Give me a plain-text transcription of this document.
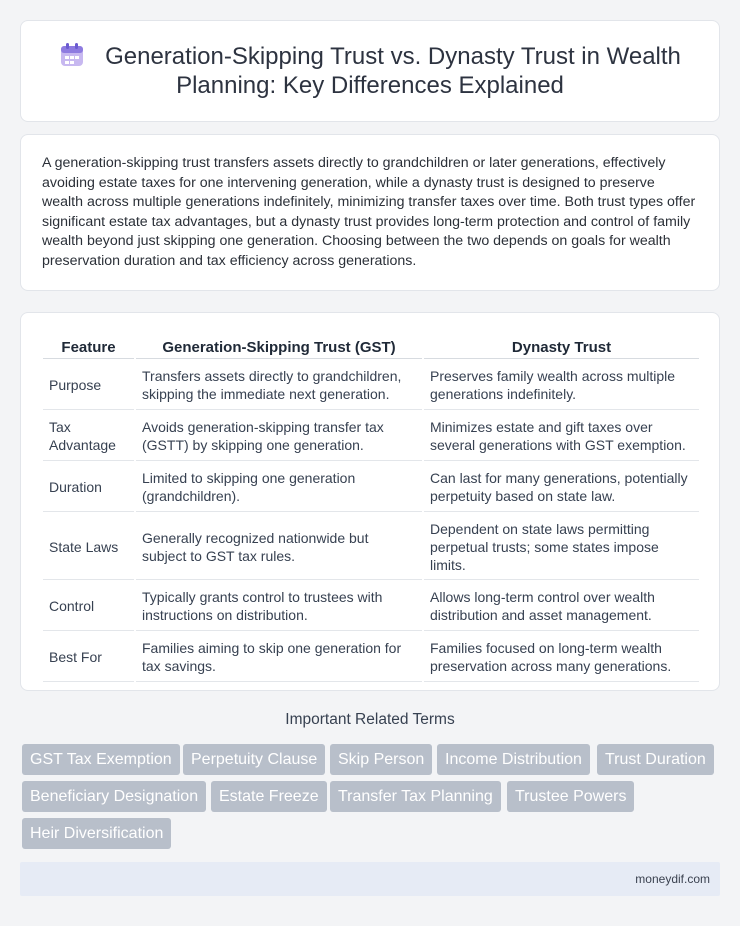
Generation-Skipping Trust vs. Dynasty Trust in Wealth Planning: Key Differences Explained

A generation-skipping trust transfers assets directly to grandchildren or later generations, effectively avoiding estate taxes for one intervening generation, while a dynasty trust is designed to preserve wealth across multiple generations indefinitely, minimizing transfer taxes over time. Both trust types offer significant estate tax advantages, but a dynasty trust provides long-term protection and control of family wealth beyond just skipping one generation. Choosing between the two depends on goals for wealth preservation duration and tax efficiency across generations.

Feature	Generation-Skipping Trust (GST)	Dynasty Trust
Purpose	Transfers assets directly to grandchildren, skipping the immediate next generation.	Preserves family wealth across multiple generations indefinitely.
Tax Advantage	Avoids generation-skipping transfer tax (GSTT) by skipping one generation.	Minimizes estate and gift taxes over several generations with GST exemption.
Duration	Limited to skipping one generation (grandchildren).	Can last for many generations, potentially perpetuity based on state law.
State Laws	Generally recognized nationwide but subject to GST tax rules.	Dependent on state laws permitting perpetual trusts; some states impose limits.
Control	Typically grants control to trustees with instructions on distribution.	Allows long-term control over wealth distribution and asset management.
Best For	Families aiming to skip one generation for tax savings.	Families focused on long-term wealth preservation across many generations.
Important Related Terms
GST Tax Exemption	Perpetuity Clause	Skip Person	Income Distribution	Trust Duration
Beneficiary Designation	Estate Freeze	Transfer Tax Planning	Trustee Powers
Heir Diversification
moneydif.com
